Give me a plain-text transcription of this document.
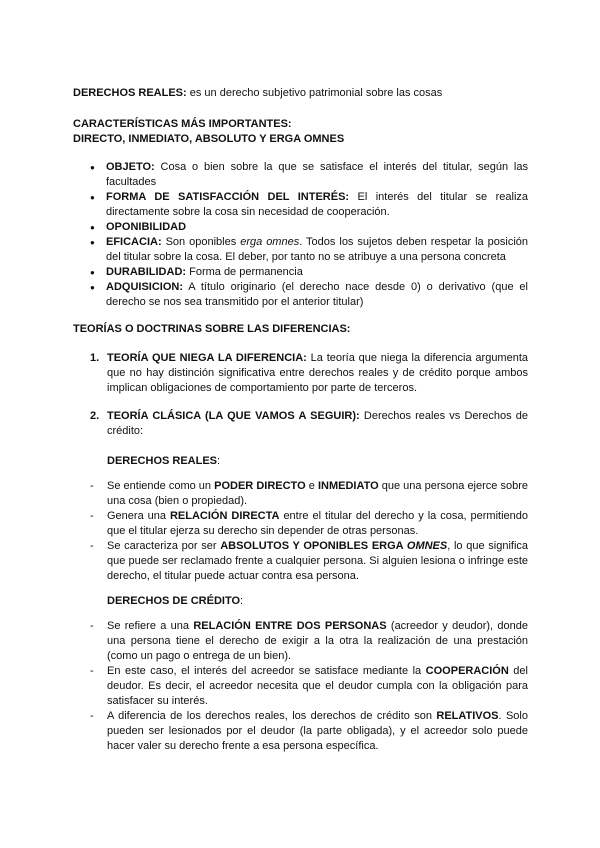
DERECHOS REALES: es un derecho subjetivo patrimonial sobre las cosas

CARACTERÍSTICAS MÁS IMPORTANTES:

DIRECTO, INMEDIATO, ABSOLUTO Y ERGA OMNES

● OBJETO: Cosa o bien sobre la que se satisface el interés del titular, según las facultades
● FORMA DE SATISFACCIÓN DEL INTERÉS: El interés del titular se realiza directamente sobre la cosa sin necesidad de cooperación.
● OPONIBILIDAD
● EFICACIA: Son oponibles erga omnes. Todos los sujetos deben respetar la posición del titular sobre la cosa. El deber, por tanto no se atribuye a una persona concreta
● DURABILIDAD: Forma de permanencia
● ADQUISICION: A título originario (el derecho nace desde 0) o derivativo (que el derecho se nos sea transmitido por el anterior titular)

TEORÍAS O DOCTRINAS SOBRE LAS DIFERENCIAS:

1. TEORÍA QUE NIEGA LA DIFERENCIA: La teoría que niega la diferencia argumenta que no hay distinción significativa entre derechos reales y de crédito porque ambos implican obligaciones de comportamiento por parte de terceros.
2. TEORÍA CLÁSICA (LA QUE VAMOS A SEGUIR): Derechos reales vs Derechos de crédito:

DERECHOS REALES:

- Se entiende como un PODER DIRECTO e INMEDIATO que una persona ejerce sobre una cosa (bien o propiedad).
- Genera una RELACIÓN DIRECTA entre el titular del derecho y la cosa, permitiendo que el titular ejerza su derecho sin depender de otras personas.
- Se caracteriza por ser ABSOLUTOS Y OPONIBLES ERGA OMNES, lo que significa que puede ser reclamado frente a cualquier persona. Si alguien lesiona o infringe este derecho, el titular puede actuar contra esa persona.

DERECHOS DE CRÉDITO:

- Se refiere a una RELACIÓN ENTRE DOS PERSONAS (acreedor y deudor), donde una persona tiene el derecho de exigir a la otra la realización de una prestación (como un pago o entrega de un bien).
- En este caso, el interés del acreedor se satisface mediante la COOPERACIÓN del deudor. Es decir, el acreedor necesita que el deudor cumpla con la obligación para satisfacer su interés.
- A diferencia de los derechos reales, los derechos de crédito son RELATIVOS. Solo pueden ser lesionados por el deudor (la parte obligada), y el acreedor solo puede hacer valer su derecho frente a esa persona específica.
